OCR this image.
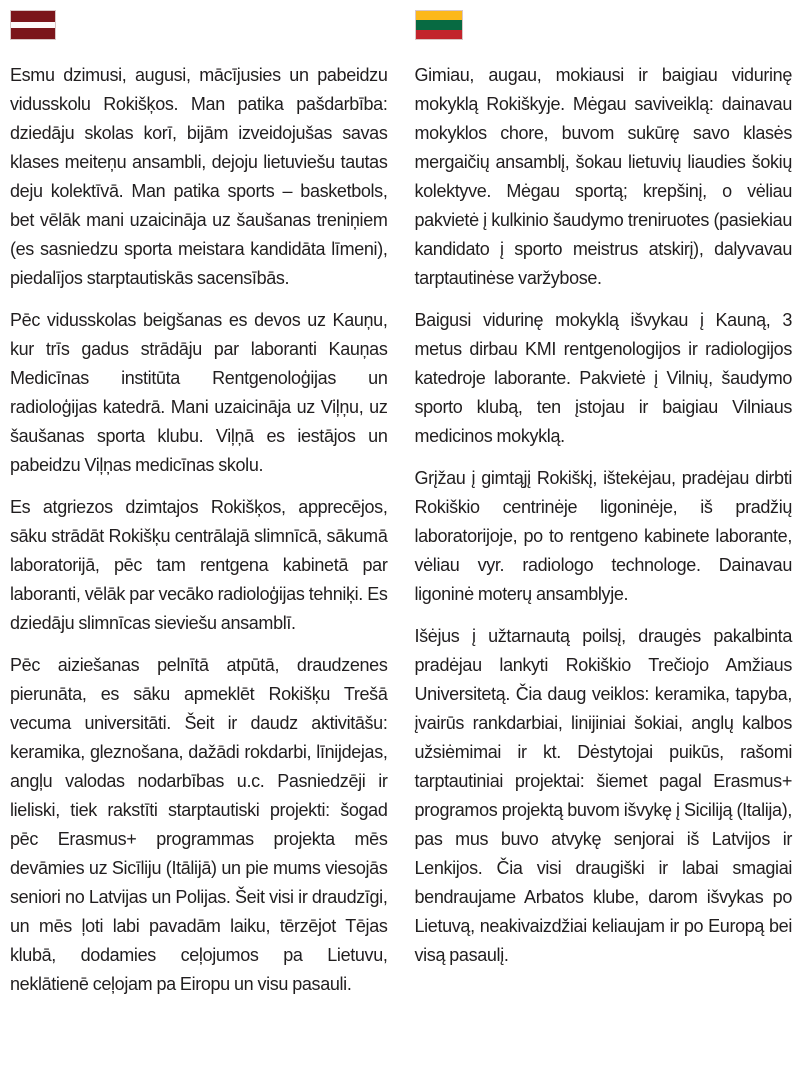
Esmu dzimusi, augusi, mācījusies un pabeidzu vidusskolu Rokišķos. Man patika pašdarbība: dziedāju skolas korī, bijām izveidojušas savas klases meiteņu ansambli, dejoju lietuviešu tautas deju kolektīvā. Man patika sports – basketbols, bet vēlāk mani uzaicināja uz šaušanas treniņiem (es sasniedzu sporta meistara kandidāta līmeni), piedalījos starptautiskās sacensībās.

Pēc vidusskolas beigšanas es devos uz Kauņu, kur trīs gadus strādāju par laboranti Kauņas Medicīnas institūta Rentgenoloģijas un radioloģijas katedrā. Mani uzaicināja uz Viļņu, uz šaušanas sporta klubu. Viļņā es iestājos un pabeidzu Viļņas medicīnas skolu.

Es atgriezos dzimtajos Rokišķos, apprecējos, sāku strādāt Rokišķu centrālajā slimnīcā, sākumā laboratorijā, pēc tam rentgena kabinetā par laboranti, vēlāk par vecāko radioloģijas tehniķi. Es dziedāju slimnīcas sieviešu ansamblī.

Pēc aiziešanas pelnītā atpūtā, draudzenes pierunāta, es sāku apmeklēt Rokišķu Trešā vecuma universitāti. Šeit ir daudz aktivitāšu: keramika, gleznošana, dažādi rokdarbi, līnijdejas, angļu valodas nodarbības u.c. Pasniedzēji ir lieliski, tiek rakstīti starptautiski projekti: šogad pēc Erasmus+ programmas projekta mēs devāmies uz Sicīliju (Itālijā) un pie mums viesojās seniori no Latvijas un Polijas. Šeit visi ir draudzīgi, un mēs ļoti labi pavadām laiku, tērzējot Tējas klubā, dodamies ceļojumos pa Lietuvu, neklātienē ceļojam pa Eiropu un visu pasauli.

Gimiau, augau, mokiausi ir baigiau vidurinę mokyklą Rokiškyje. Mėgau saviveiklą: dainavau mokyklos chore, buvom sukūrę savo klasės mergaičių ansamblį, šokau lietuvių liaudies šokių kolektyve. Mėgau sportą; krepšinį, o vėliau pakvietė į kulkinio šaudymo treniruotes (pasiekiau kandidato į sporto meistrus atskirį), dalyvavau tarptautinėse varžybose.

Baigusi vidurinę mokyklą išvykau į Kauną, 3 metus dirbau KMI rentgenologijos ir radiologijos katedroje laborante. Pakvietė į Vilnių, šaudymo sporto klubą, ten įstojau ir baigiau Vilniaus medicinos mokyklą.

Grįžau į gimtąjį Rokiškį, ištekėjau, pradėjau dirbti Rokiškio centrinėje ligoninėje, iš pradžių laboratorijoje, po to rentgeno kabinete laborante, vėliau vyr. radiologo technologe. Dainavau ligoninė moterų ansamblyje.

Išėjus į užtarnautą poilsį, draugės pakalbinta pradėjau lankyti Rokiškio Trečiojo Amžiaus Universitetą. Čia daug veiklos: keramika, tapyba, įvairūs rankdarbiai, linijiniai šokiai, anglų kalbos užsiėmimai ir kt. Dėstytojai puikūs, rašomi tarptautiniai projektai: šiemet pagal Erasmus+ programos projektą buvom išvykę į Siciliją (Italija), pas mus buvo atvykę senjorai iš Latvijos ir Lenkijos. Čia visi draugiški ir labai smagiai bendraujame Arbatos klube, darom išvykas po Lietuvą, neakivaizdžiai keliaujam ir po Europą bei visą pasaulį.
